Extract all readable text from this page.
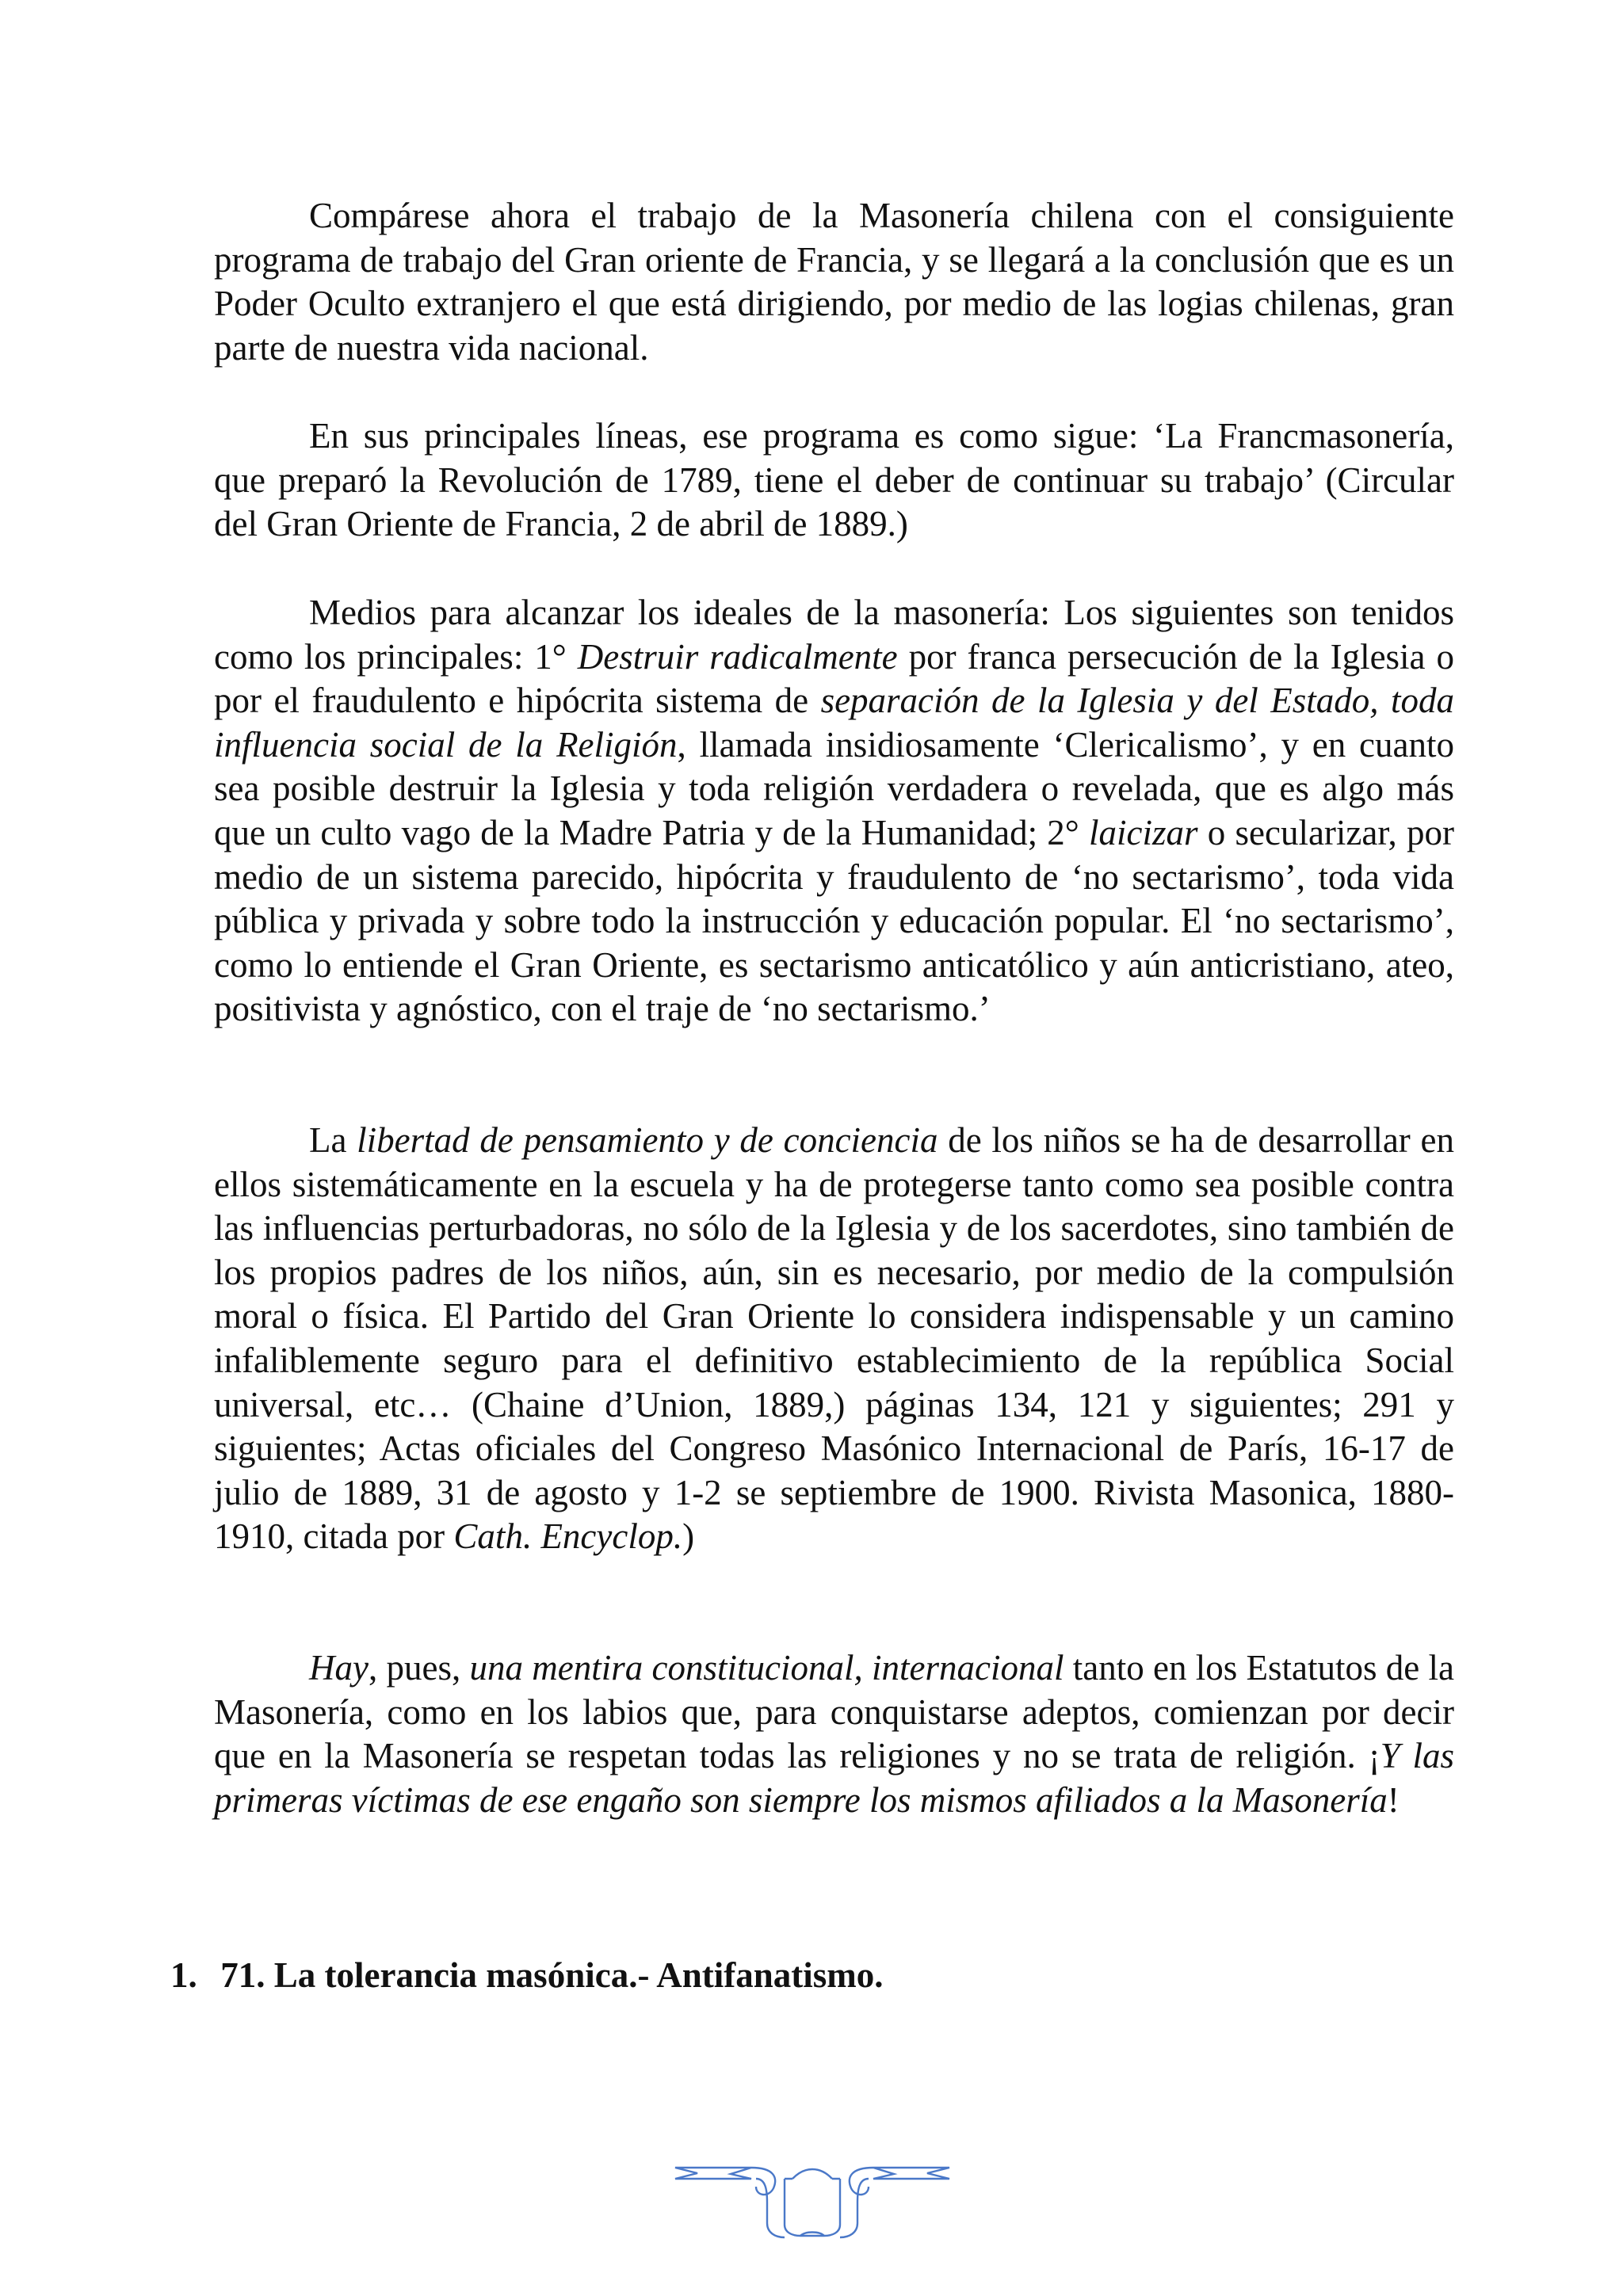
Compárese ahora el trabajo de la Masonería chilena con el consiguiente programa de trabajo del Gran oriente de Francia, y se llegará a la conclusión que es un Poder Oculto extranjero el que está dirigiendo, por medio de las logias chilenas, gran parte de nuestra vida nacional.

En sus principales líneas, ese programa es como sigue: ‘La Francmasonería, que preparó la Revolución de 1789, tiene el deber de continuar su trabajo’ (Circular del Gran Oriente de Francia, 2 de abril de 1889.)

Medios para alcanzar los ideales de la masonería: Los siguientes son tenidos como los principales: 1° Destruir radicalmente por franca persecución de la Iglesia o por el fraudulento e hipócrita sistema de separación de la Iglesia y del Estado, toda influencia social de la Religión, llamada insidiosamente ‘Clericalismo’, y en cuanto sea posible destruir la Iglesia y toda religión verdadera o revelada, que es algo más que un culto vago de la Madre Patria y de la Humanidad; 2° laicizar o secularizar, por medio de un sistema parecido, hipócrita y fraudulento de ‘no sectarismo’, toda vida pública y privada y sobre todo la instrucción y educación popular. El ‘no sectarismo’, como lo entiende el Gran Oriente, es sectarismo anticatólico y aún anticristiano, ateo, positivista y agnóstico, con el traje de ‘no sectarismo.’

La libertad de pensamiento y de conciencia de los niños se ha de desarrollar en ellos sistemáticamente en la escuela y ha de protegerse tanto como sea posible contra las influencias perturbadoras, no sólo de la Iglesia y de los sacerdotes, sino también de los propios padres de los niños, aún, sin es necesario, por medio de la compulsión moral o física. El Partido del Gran Oriente lo considera indispensable y un camino infaliblemente seguro para el definitivo establecimiento de la república Social universal, etc… (Chaine d’Union, 1889,) páginas 134, 121 y siguientes; 291 y siguientes; Actas oficiales del Congreso Masónico Internacional de París, 16-17 de julio de 1889, 31 de agosto y 1-2 se septiembre de 1900. Rivista Masonica, 1880-1910, citada por Cath. Encyclop.)

Hay, pues, una mentira constitucional, internacional tanto en los Estatutos de la Masonería, como en los labios que, para conquistarse adeptos, comienzan por decir que en la Masonería se respetan todas las religiones y no se trata de religión. ¡Y las primeras víctimas de ese engaño son siempre los mismos afiliados a la Masonería!

1. 71. La tolerancia masónica.- Antifanatismo.
